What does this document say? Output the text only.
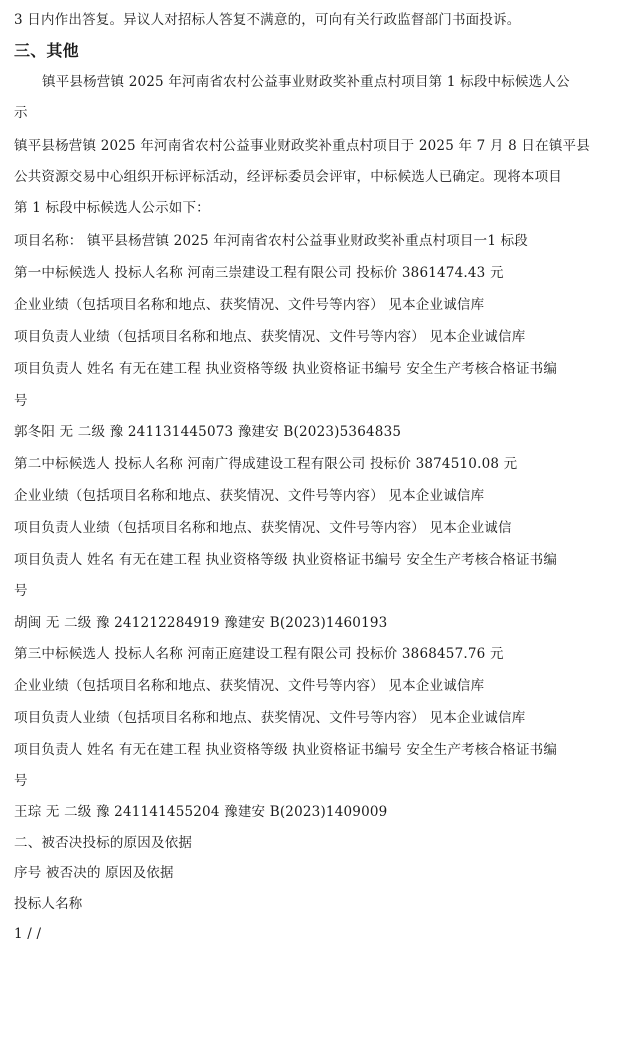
3 日内作出答复。异议人对招标人答复不满意的，可向有关行政监督部门书面投诉。
三、其他
镇平县杨营镇 2025 年河南省农村公益事业财政奖补重点村项目第 1 标段中标候选人公
示
镇平县杨营镇 2025 年河南省农村公益事业财政奖补重点村项目于 2025 年 7 月 8 日在镇平县
公共资源交易中心组织开标评标活动，经评标委员会评审，中标候选人已确定。现将本项目
第 1 标段中标候选人公示如下：
项目名称： 镇平县杨营镇 2025 年河南省农村公益事业财政奖补重点村项目一1 标段
第一中标候选人 投标人名称 河南三崇建设工程有限公司 投标价 3861474.43 元
企业业绩（包括项目名称和地点、获奖情况、文件号等内容） 见本企业诚信库
项目负责人业绩（包括项目名称和地点、获奖情况、文件号等内容） 见本企业诚信库
项目负责人 姓名 有无在建工程 执业资格等级 执业资格证书编号 安全生产考核合格证书编
号
郭冬阳 无 二级 豫 241131445073 豫建安 B(2023)5364835
第二中标候选人 投标人名称 河南广得成建设工程有限公司 投标价 3874510.08 元
企业业绩（包括项目名称和地点、获奖情况、文件号等内容） 见本企业诚信库
项目负责人业绩（包括项目名称和地点、获奖情况、文件号等内容） 见本企业诚信
项目负责人 姓名 有无在建工程 执业资格等级 执业资格证书编号 安全生产考核合格证书编
号
胡闽 无 二级 豫 241212284919 豫建安 B(2023)1460193
第三中标候选人 投标人名称 河南正庭建设工程有限公司 投标价 3868457.76 元
企业业绩（包括项目名称和地点、获奖情况、文件号等内容） 见本企业诚信库
项目负责人业绩（包括项目名称和地点、获奖情况、文件号等内容） 见本企业诚信库
项目负责人 姓名 有无在建工程 执业资格等级 执业资格证书编号 安全生产考核合格证书编
号
王琮 无 二级 豫 241141455204 豫建安 B(2023)1409009
二、被否决投标的原因及依据
序号 被否决的 原因及依据
投标人名称
1 / /
